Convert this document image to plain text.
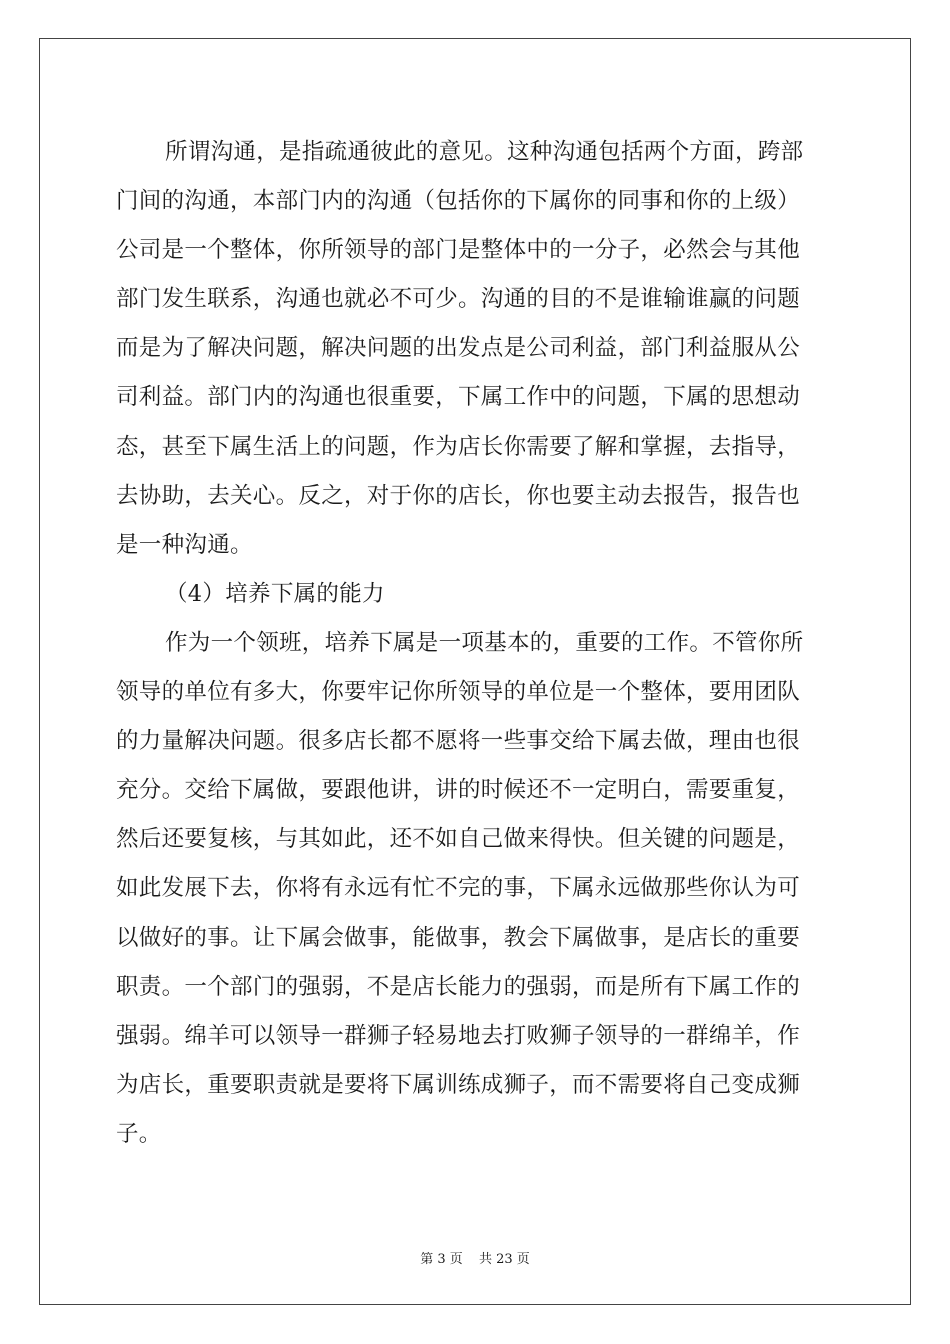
所谓沟通，是指疏通彼此的意见。这种沟通包括两个方面，跨部
门间的沟通，本部门内的沟通（包括你的下属你的同事和你的上级）
公司是一个整体，你所领导的部门是整体中的一分子，必然会与其他
部门发生联系，沟通也就必不可少。沟通的目的不是谁输谁赢的问题
而是为了解决问题，解决问题的出发点是公司利益，部门利益服从公
司利益。部门内的沟通也很重要，下属工作中的问题，下属的思想动
态，甚至下属生活上的问题，作为店长你需要了解和掌握，去指导，
去协助，去关心。反之，对于你的店长，你也要主动去报告，报告也
是一种沟通。
（4）培养下属的能力
作为一个领班，培养下属是一项基本的，重要的工作。不管你所
领导的单位有多大，你要牢记你所领导的单位是一个整体，要用团队
的力量解决问题。很多店长都不愿将一些事交给下属去做，理由也很
充分。交给下属做，要跟他讲，讲的时候还不一定明白，需要重复，
然后还要复核，与其如此，还不如自己做来得快。但关键的问题是，
如此发展下去，你将有永远有忙不完的事，下属永远做那些你认为可
以做好的事。让下属会做事，能做事，教会下属做事，是店长的重要
职责。一个部门的强弱，不是店长能力的强弱，而是所有下属工作的
强弱。绵羊可以领导一群狮子轻易地去打败狮子领导的一群绵羊，作
为店长，重要职责就是要将下属训练成狮子，而不需要将自己变成狮
子。
第 3 页 共 23 页
